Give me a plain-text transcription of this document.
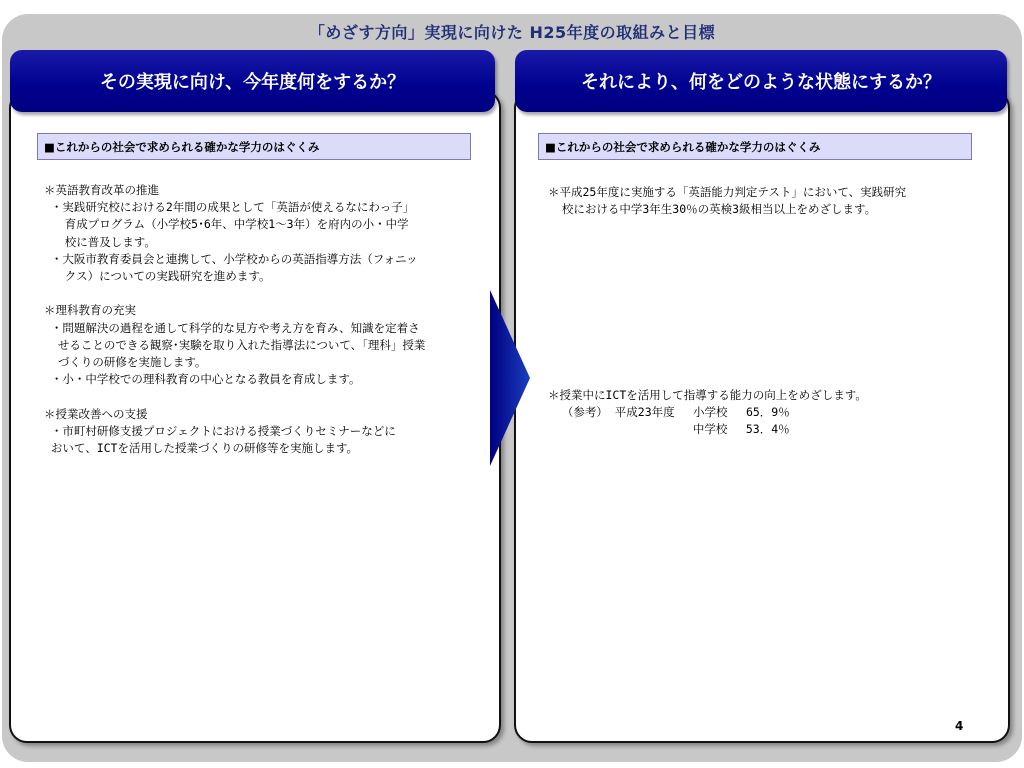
「めざす方向」実現に向けた H25年度の取組みと目標
その実現に向け、今年度何をするか？	それにより、何をどのような状態にするか？
■これからの社会で求められる確かな学力のはぐくみ	■これからの社会で求められる確かな学力のはぐくみ
＊英語教育改革の推進
・実践研究校における2年間の成果として「英語が使えるなにわっ子」
育成プログラム（小学校5･6年、中学校1～3年）を府内の小・中学
校に普及します。
・大阪市教育委員会と連携して、小学校からの英語指導方法（フォニッ
クス）についての実践研究を進めます。

＊理科教育の充実
・問題解決の過程を通して科学的な見方や考え方を育み、知識を定着さ
せることのできる観察･実験を取り入れた指導法について、「理科」授業
づくりの研修を実施します。
・小・中学校での理科教育の中心となる教員を育成します。

＊授業改善への支援
・市町村研修支援プロジェクトにおける授業づくりセミナーなどに
おいて、ICTを活用した授業づくりの研修等を実施します。
＊平成25年度に実施する「英語能力判定テスト」において、実践研究
校における中学3年生30％の英検3級相当以上をめざします。
＊授業中にICTを活用して指導する能力の向上をめざします。
（参考） 平成23年度　 小学校　 65．9％
　　　　　　　　　　　　 中学校　 53．4％
4
